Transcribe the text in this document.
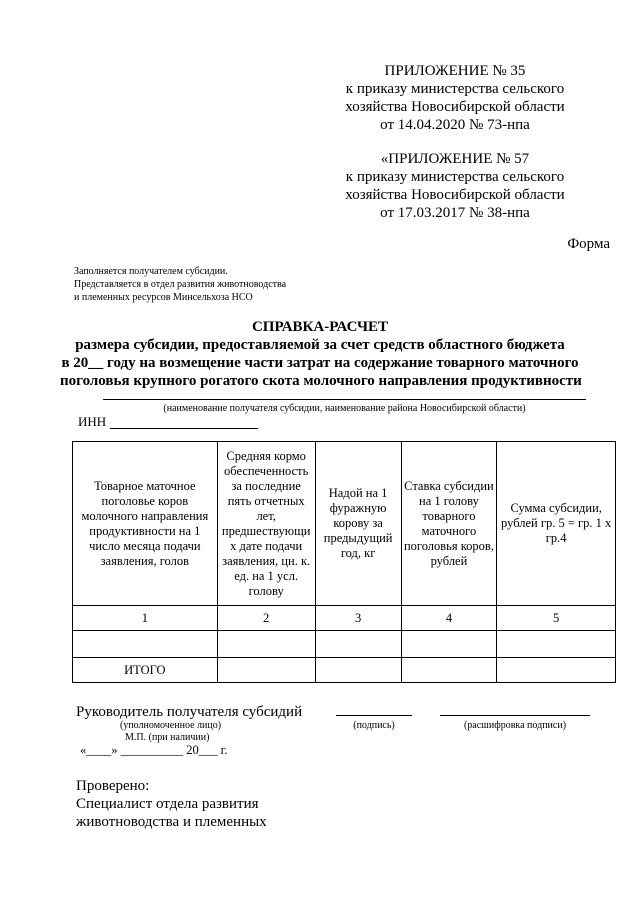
ПРИЛОЖЕНИЕ № 35
к приказу министерства сельского
хозяйства Новосибирской области
от 14.04.2020 № 73-нпа
«ПРИЛОЖЕНИЕ № 57
к приказу министерства сельского
хозяйства Новосибирской области
от 17.03.2017 № 38-нпа
Форма
Заполняется получателем субсидии.
Представляется в отдел развития животноводства
и племенных ресурсов Минсельхоза НСО
СПРАВКА-РАСЧЕТ
размера субсидии, предоставляемой за счет средств областного бюджета
в 20__ году на возмещение части затрат на содержание товарного маточного
поголовья крупного рогатого скота молочного направления продуктивности
(наименование получателя субсидии, наименование района Новосибирской области)
ИНН
Товарное маточное поголовье коров молочного направления продуктивности на 1 число месяца подачи заявления, голов	Средняя кормо обеспеченность за последние пять отчетных лет, предшествующи х дате подачи заявления, цн. к. ед. на 1 усл. голову	Надой на 1 фуражную корову за предыдущий год, кг	Ставка субсидии на 1 голову товарного маточного поголовья коров, рублей	Сумма субсидии, рублей гр. 5 = гр. 1 х гр.4
1	2	3	4	5

ИТОГО				
Руководитель получателя субсидий
(уполномоченное лицо)	(подпись)	(расшифровка подписи)
М.П. (при наличии)
«____» __________ 20___ г.
Проверено:
Специалист отдела развития
животноводства и племенных
